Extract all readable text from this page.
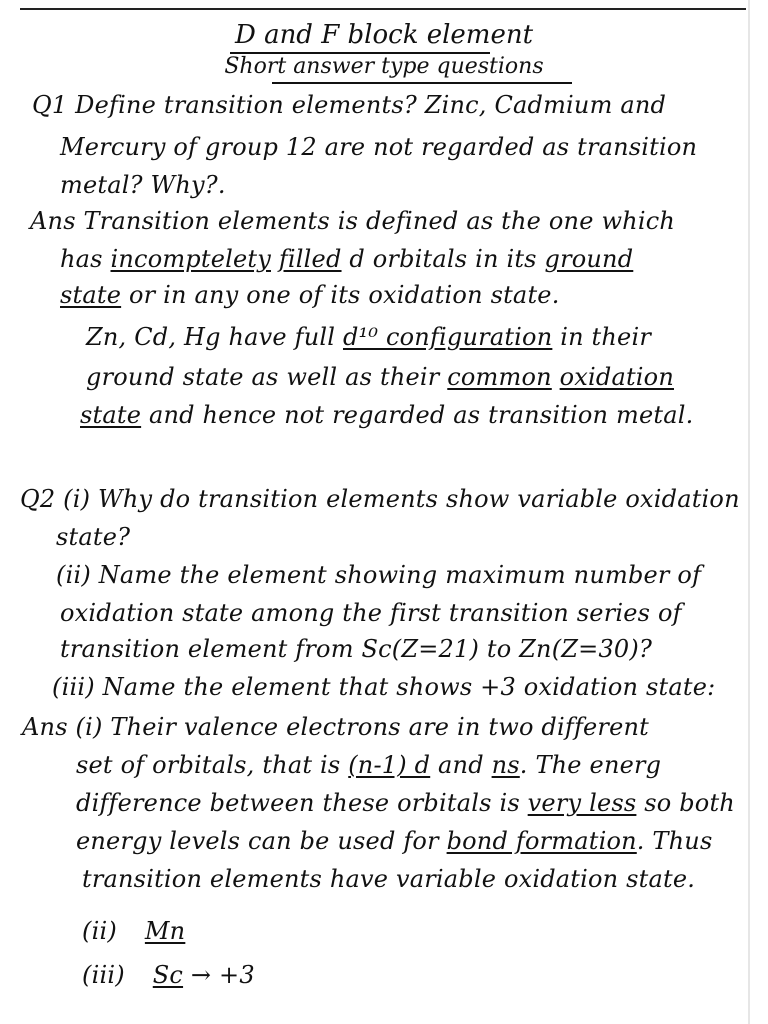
D and F block element
Short answer type questions
Q1 Define transition elements? Zinc, Cadmium and
Mercury of group 12 are not regarded as transition
metal? Why?.
Ans Transition elements is defined as the one which
has incomptelety filled d orbitals in its ground
state or in any one of its oxidation state.
Zn, Cd, Hg have full d¹⁰ configuration in their
ground state as well as their common oxidation
state and hence not regarded as transition metal.
Q2 (i) Why do transition elements show variable oxidation
state?
(ii) Name the element showing maximum number of
oxidation state among the first transition series of
transition element from Sc(Z=21) to Zn(Z=30)?
(iii) Name the element that shows +3 oxidation state:
Ans (i) Their valence electrons are in two different
set of orbitals, that is (n-1) d and ns. The energ
difference between these orbitals is very less so both
energy levels can be used for bond formation. Thus
transition elements have variable oxidation state.
(ii) Mn
(iii) Sc → +3
